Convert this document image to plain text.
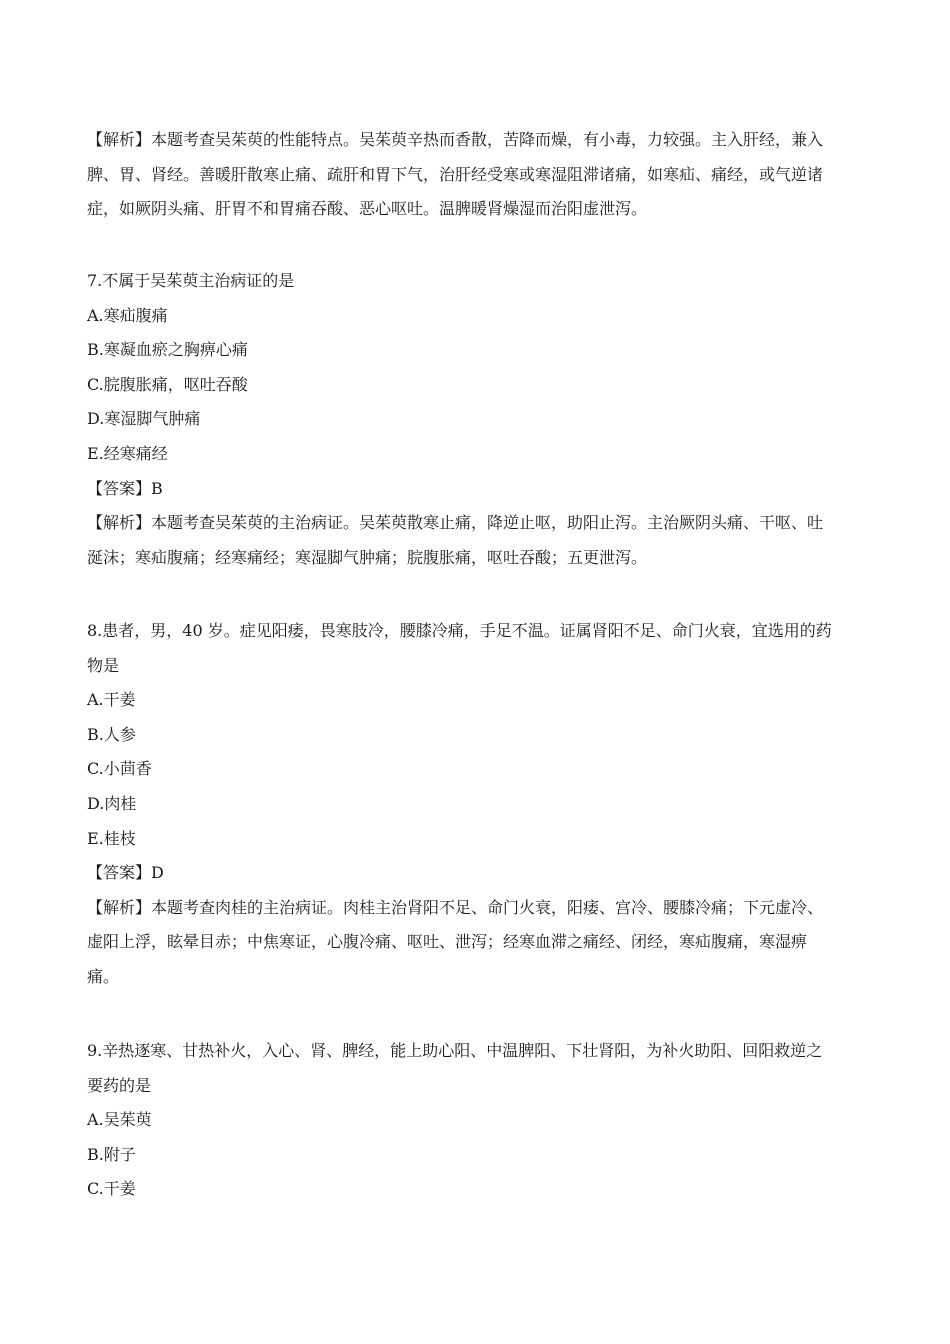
【解析】本题考查吴茱萸的性能特点。吴茱萸辛热而香散，苦降而燥，有小毒，力较强。主入肝经，兼入
脾、胃、肾经。善暖肝散寒止痛、疏肝和胃下气，治肝经受寒或寒湿阻滞诸痛，如寒疝、痛经，或气逆诸
症，如厥阴头痛、肝胃不和胃痛吞酸、恶心呕吐。温脾暖肾燥湿而治阳虚泄泻。
7.不属于吴茱萸主治病证的是
A.寒疝腹痛
B.寒凝血瘀之胸痹心痛
C.脘腹胀痛，呕吐吞酸
D.寒湿脚气肿痛
E.经寒痛经
【答案】B
【解析】本题考查吴茱萸的主治病证。吴茱萸散寒止痛，降逆止呕，助阳止泻。主治厥阴头痛、干呕、吐
涎沫；寒疝腹痛；经寒痛经；寒湿脚气肿痛；脘腹胀痛，呕吐吞酸；五更泄泻。
8.患者，男，40 岁。症见阳痿，畏寒肢冷，腰膝冷痛，手足不温。证属肾阳不足、命门火衰，宜选用的药
物是
A.干姜
B.人参
C.小茴香
D.肉桂
E.桂枝
【答案】D
【解析】本题考查肉桂的主治病证。肉桂主治肾阳不足、命门火衰，阳痿、宫冷、腰膝冷痛；下元虚冷、
虚阳上浮，眩晕目赤；中焦寒证，心腹冷痛、呕吐、泄泻；经寒血滞之痛经、闭经，寒疝腹痛，寒湿痹
痛。
9.辛热逐寒、甘热补火，入心、肾、脾经，能上助心阳、中温脾阳、下壮肾阳，为补火助阳、回阳救逆之
要药的是
A.吴茱萸
B.附子
C.干姜
